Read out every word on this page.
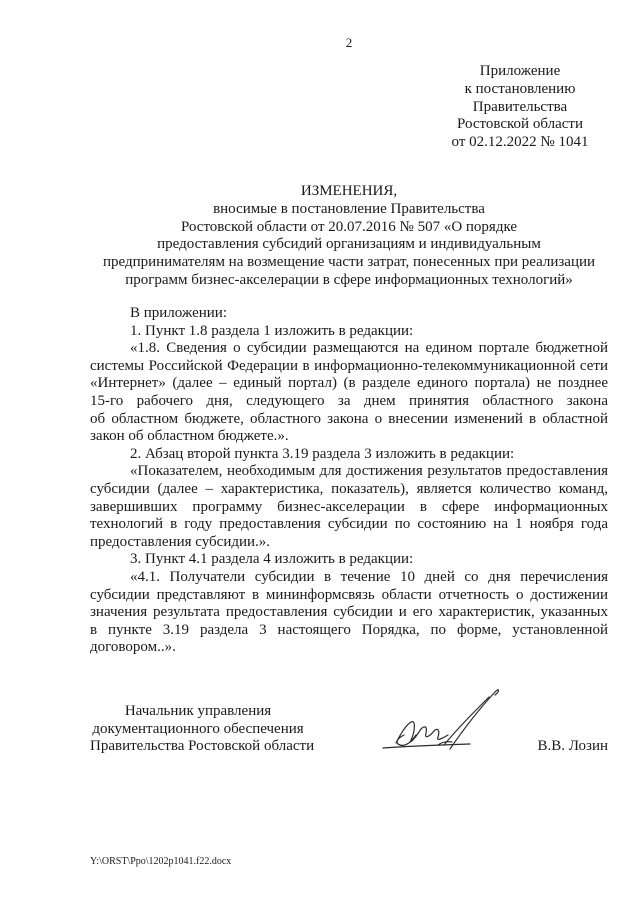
2
Приложение
к постановлению
Правительства
Ростовской области
от 02.12.2022 № 1041
ИЗМЕНЕНИЯ,
вносимые в постановление Правительства
Ростовской области от 20.07.2016 № 507 «О порядке
предоставления субсидий организациям и индивидуальным
предпринимателям на возмещение части затрат, понесенных при реализации
программ бизнес-акселерации в сфере информационных технологий»
В приложении:
1. Пункт 1.8 раздела 1 изложить в редакции:
«1.8. Сведения о субсидии размещаются на едином портале бюджетной
системы Российской Федерации в информационно-телекоммуникационной сети
«Интернет» (далее – единый портал) (в разделе единого портала) не позднее
15-го рабочего дня, следующего за днем принятия областного закона
об областном бюджете, областного закона о внесении изменений в областной
закон об областном бюджете.».
2. Абзац второй пункта 3.19 раздела 3 изложить в редакции:
«Показателем, необходимым для достижения результатов предоставления
субсидии (далее – характеристика, показатель), является количество команд,
завершивших программу бизнес-акселерации в сфере информационных
технологий в году предоставления субсидии по состоянию на 1 ноября года
предоставления субсидии.».
3. Пункт 4.1 раздела 4 изложить в редакции:
«4.1. Получатели субсидии в течение 10 дней со дня перечисления
субсидии представляют в мининформсвязь области отчетность о достижении
значения результата предоставления субсидии и его характеристик, указанных
в пункте 3.19 раздела 3 настоящего Порядка, по форме, установленной
договором..».
Начальник управления
документационного обеспечения
Правительства Ростовской области	В.В. Лозин
Y:\ORST\Ppo\1202p1041.f22.docx
